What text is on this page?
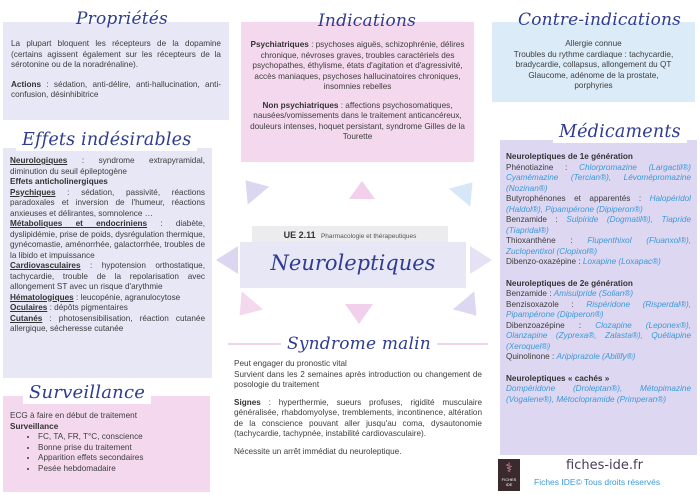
La plupart bloquent les récepteurs de la dopamine (certains agissent également sur les récepteurs de la sérotonine ou de la noradrénaline).

Actions : sédation, anti-délire, anti-hallucination, anti-confusion, désinhibitrice

Propriétés

Psychiatriques : psychoses aiguës, schizophrénie, délires chronique, névroses graves, troubles caractériels des psychopathes, éthylisme, états d'agitation et d'agressivité, accès maniaques, psychoses hallucinatoires chroniques, insomnies rebelles

Non psychiatriques : affections psychosomatiques, nausées/vomissements dans le traitement anticancéreux, douleurs intenses, hoquet persistant, syndrome Gilles de la Tourette

Indications

Allergie connue

Troubles du rythme cardiaque : tachycardie, bradycardie, collapsus, allongement du QT

Glaucome, adénome de la prostate,

porphyries

Contre-indications

Neurologiques : syndrome extrapyramidal, diminution du seuil épileptogène

Effets anticholinergiques

Psychiques : sédation, passivité, réactions paradoxales et inversion de l'humeur, réactions anxieuses et délirantes, somnolence …

Métaboliques et endocriniens : diabète, dyslipidémie, prise de poids, dysrégulation thermique, gynécomastie, aménorrhée, galactorrhée, troubles de la libido et impuissance

Cardiovasculaires : hypotension orthostatique, tachycardie, trouble de la repolarisation avec allongement ST avec un risque d'arythmie

Hématologiques : leucopénie, agranulocytose

Oculaires : dépôts pigmentaires

Cutanés : photosensibilisation, réaction cutanée allergique, sécheresse cutanée

Effets indésirables
UE 2.11 Pharmacologie et thérapeutiques
Neuroleptiques

Neuroleptiques de 1e génération

Phénotiazine : Chlorpromazine (Largactil®) Cyamémazine (Tercian®), Lévomépromazine (Nozinan®)

Butyrophénones et apparentés : Halopéridol (Haldol®), Pipampérone (Dipiperon®)

Benzamide : Sulpiride (Dogmatil®), Tiapride (Tiapridal®)

Thioxanthène : Flupenthixol (Fluanxol®), Zuclopentixol (Clopixol®)

Dibenzo-oxazépine : Loxapine (Loxapac®)

Neuroleptiques de 2e génération

Benzamide : Amisulpride (Solian®)

Benzisoxazole : Rispéridone (Risperdal®), Pipampérone (Dipiperon®)

Dibenzoazépine : Clozapine (Leponex®), Olanzapine (Zyprexa®, Zalasta®), Quétiapine (Xeroquel®)

Quinolinone : Aripiprazole (Abilify®)

Neuroleptiques « cachés »

Dompéridone (Droleptan®), Métopimazine (Vogalene®), Métoclopramide (Primperan®)

Médicaments

Peut engager du pronostic vital

Survient dans les 2 semaines après introduction ou changement de posologie du traitement

Signes : hyperthermie, sueurs profuses, rigidité musculaire généralisée, rhabdomyolyse, tremblements, incontinence, altération de la conscience pouvant aller jusqu'au coma, dysautonomie (tachycardie, tachypnée, instabilité cardiovasculaire).

Nécessite un arrêt immédiat du neuroleptique.

Syndrome malin

ECG à faire en début de traitement

Surveillance

• FC, TA, FR, T°C, conscience
• Bonne prise du traitement
• Apparition effets secondaires
• Pesée hebdomadaire
Surveillance
⚕
FICHES IDE
fiches-ide.fr
Fiches IDE© Tous droits réservés
